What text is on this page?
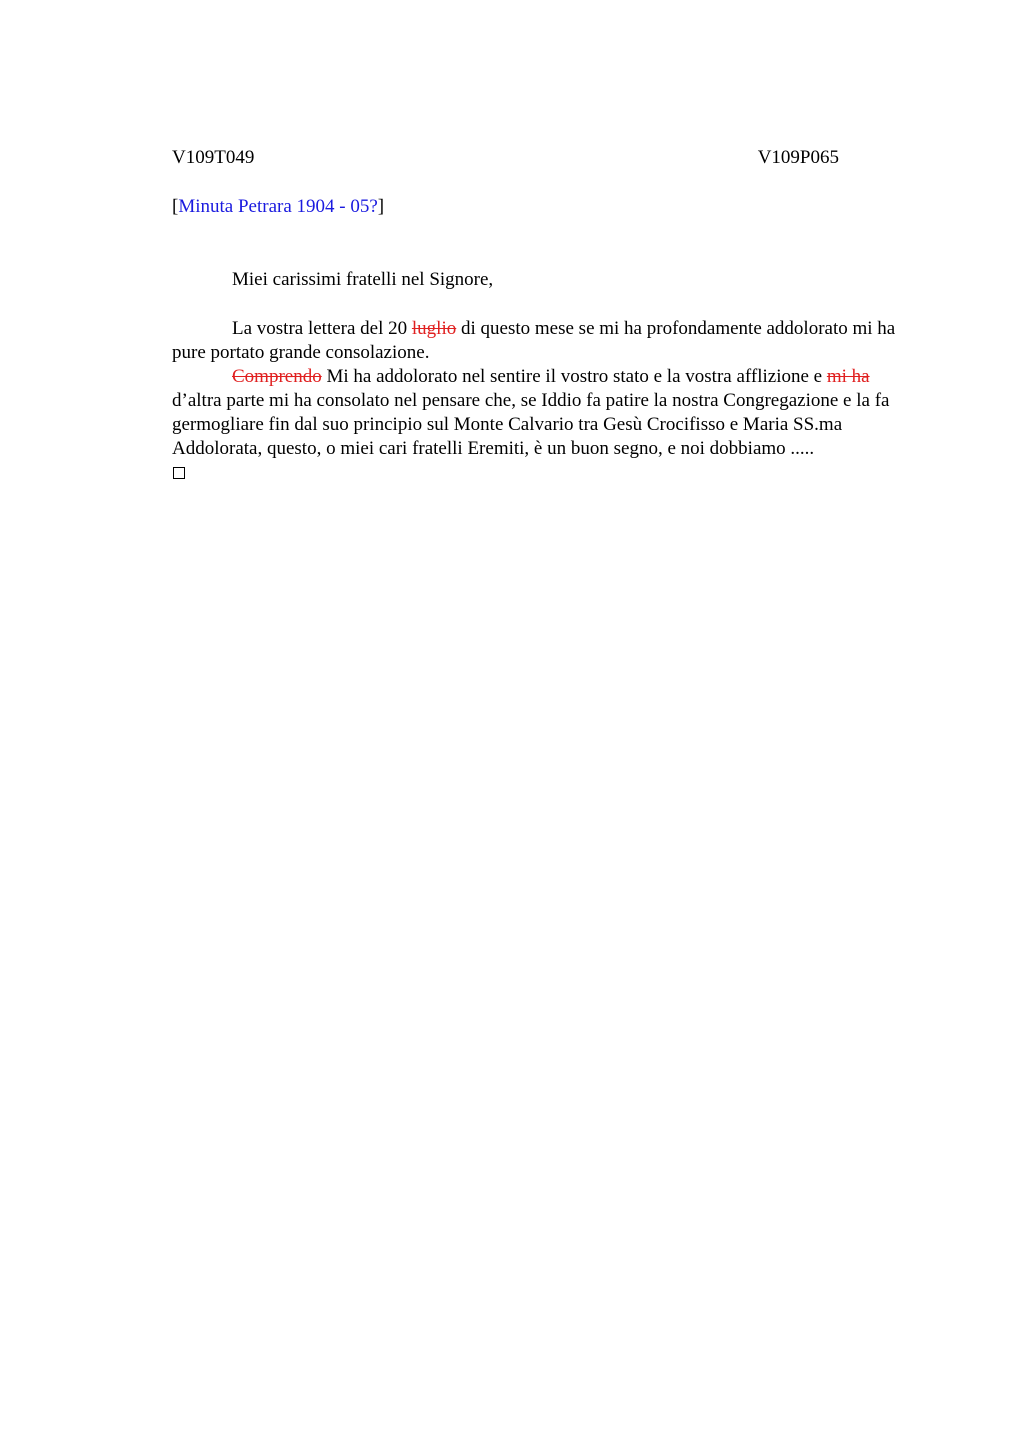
V109T049	V109P065
[Minuta Petrara 1904 - 05?]
Miei carissimi fratelli nel Signore,

La vostra lettera del 20 luglio di questo mese se mi ha profondamente addolorato mi ha pure portato grande consolazione.

Comprendo Mi ha addolorato nel sentire il vostro stato e la vostra afflizione e mi ha d’altra parte mi ha consolato nel pensare che, se Iddio fa patire la nostra Congregazione e la fa germogliare fin dal suo principio sul Monte Calvario tra Gesù Crocifisso e Maria SS.ma Addolorata, questo, o miei cari fratelli Eremiti, è un buon segno, e noi dobbiamo .....
